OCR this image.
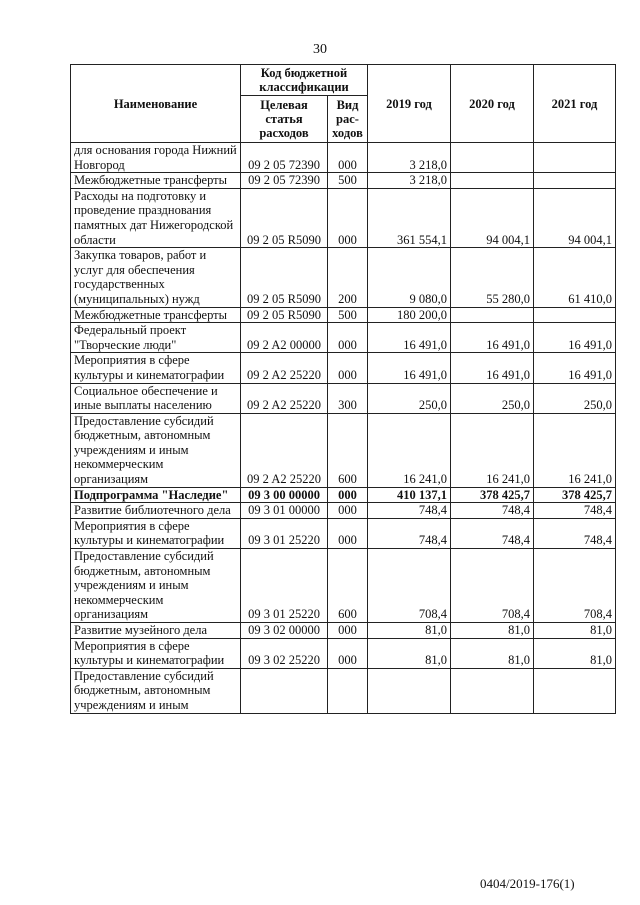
30
Наименование	Код бюджетной классификации		2019 год	2020 год	2021 год
	Целевая статья расходов	Вид рас-ходов			
для основания города Нижний Новгород	09 2 05 72390	000	3 218,0		
Межбюджетные трансферты	09 2 05 72390	500	3 218,0		
Расходы на подготовку и проведение празднования памятных дат Нижегородской области	09 2 05 R5090	000	361 554,1	94 004,1	94 004,1
Закупка товаров, работ и услуг для обеспечения государственных (муниципальных) нужд	09 2 05 R5090	200	9 080,0	55 280,0	61 410,0
Межбюджетные трансферты	09 2 05 R5090	500	180 200,0		
Федеральный проект "Творческие люди"	09 2 A2 00000	000	16 491,0	16 491,0	16 491,0
Мероприятия в сфере культуры и кинематографии	09 2 A2 25220	000	16 491,0	16 491,0	16 491,0
Социальное обеспечение и иные выплаты населению	09 2 A2 25220	300	250,0	250,0	250,0
Предоставление субсидий бюджетным, автономным учреждениям и иным некоммерческим организациям	09 2 A2 25220	600	16 241,0	16 241,0	16 241,0
Подпрограмма "Наследие"	09 3 00 00000	000	410 137,1	378 425,7	378 425,7
Развитие библиотечного дела	09 3 01 00000	000	748,4	748,4	748,4
Мероприятия в сфере культуры и кинематографии	09 3 01 25220	000	748,4	748,4	748,4
Предоставление субсидий бюджетным, автономным учреждениям и иным некоммерческим организациям	09 3 01 25220	600	708,4	708,4	708,4
Развитие музейного дела	09 3 02 00000	000	81,0	81,0	81,0
Мероприятия в сфере культуры и кинематографии	09 3 02 25220	000	81,0	81,0	81,0
Предоставление субсидий бюджетным, автономным учреждениям и иным					
0404/2019-176(1)
